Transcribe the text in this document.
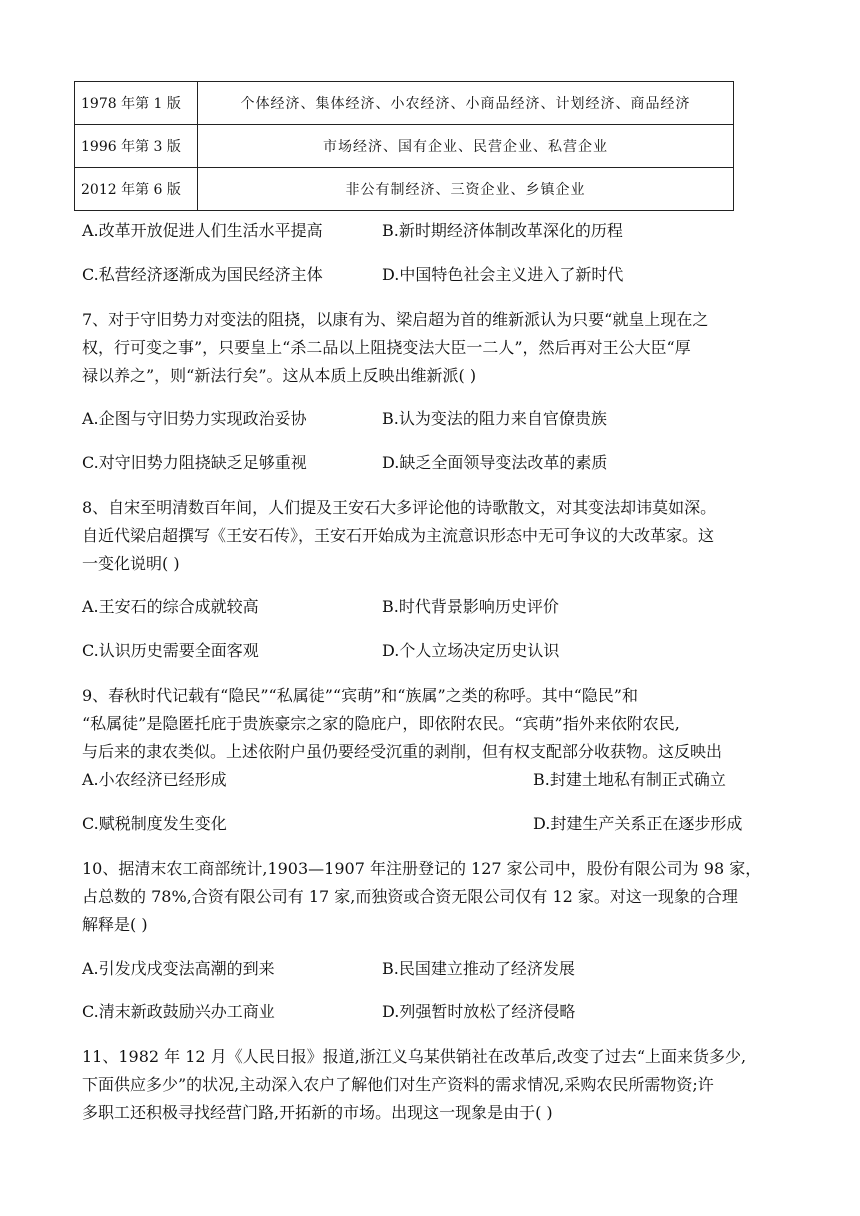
1978 年第 1 版	个体经济、集体经济、小农经济、小商品经济、计划经济、商品经济
1996 年第 3 版	市场经济、国有企业、民营企业、私营企业
2012 年第 6 版	非公有制经济、三资企业、乡镇企业
A.改革开放促进人们生活水平提高	B.新时期经济体制改革深化的历程
C.私营经济逐渐成为国民经济主体	D.中国特色社会主义进入了新时代
7、对于守旧势力对变法的阻挠，以康有为、梁启超为首的维新派认为只要“就皇上现在之
权，行可变之事”，只要皇上“杀二品以上阻挠变法大臣一二人”，然后再对王公大臣“厚
禄以养之”，则“新法行矣”。这从本质上反映出维新派( )
A.企图与守旧势力实现政治妥协	B.认为变法的阻力来自官僚贵族
C.对守旧势力阻挠缺乏足够重视	D.缺乏全面领导变法改革的素质
8、自宋至明清数百年间，人们提及王安石大多评论他的诗歌散文，对其变法却讳莫如深。
自近代梁启超撰写《王安石传》，王安石开始成为主流意识形态中无可争议的大改革家。这
一变化说明( )
A.王安石的综合成就较高	B.时代背景影响历史评价
C.认识历史需要全面客观	D.个人立场决定历史认识
9、春秋时代记载有“隐民”“私属徒”“宾萌”和“族属”之类的称呼。其中“隐民”和
“私属徒”是隐匿托庇于贵族豪宗之家的隐庇户，即依附农民。“宾萌”指外来依附农民,
与后来的隶农类似。上述依附户虽仍要经受沉重的剥削，但有权支配部分收获物。这反映出
A.小农经济已经形成	B.封建土地私有制正式确立
C.赋税制度发生变化	D.封建生产关系正在逐步形成
10、据清末农工商部统计,1903—1907 年注册登记的 127 家公司中，股份有限公司为 98 家，
占总数的 78%,合资有限公司有 17 家,而独资或合资无限公司仅有 12 家。对这一现象的合理
解释是( )
A.引发戊戌变法高潮的到来	B.民国建立推动了经济发展
C.清末新政鼓励兴办工商业	D.列强暂时放松了经济侵略
11、1982 年 12 月《人民日报》报道,浙江义乌某供销社在改革后,改变了过去“上面来货多少,
下面供应多少”的状况,主动深入农户了解他们对生产资料的需求情况,采购农民所需物资;许
多职工还积极寻找经营门路,开拓新的市场。出现这一现象是由于( )
